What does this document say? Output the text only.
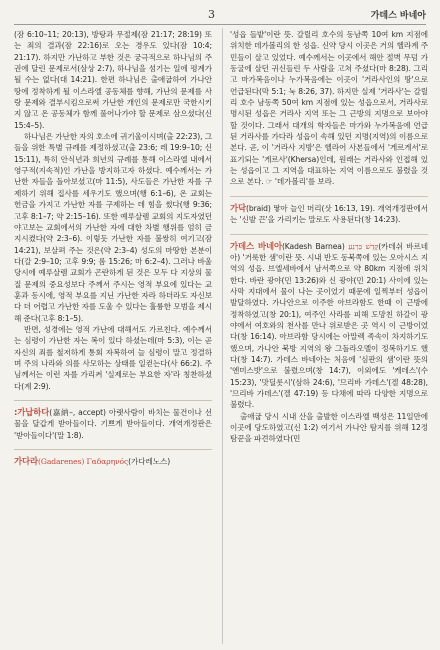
3	가데스 바네아

(잠 6:10–11; 20:13), 방탕과 무절제(잠 21:17; 28:19) 또는 죄의 결과(잠 22:16)로 오는 경우도 있다(잠 10:4; 21:17). 하지만 가난하고 부한 것은 궁극적으로 하나님의 주권에 달린 문제로서(삼상 2:7), 하나님을 섬기는 일에 평계가 될 수는 없다(대 14:21). 한편 하나님은 출애굽하여 가나안 땅에 정착하게 될 이스라엘 공동체를 향해, 가난의 문제를 사랑 문제와 결부시킴으로써 가난한 개인의 문제로만 국한시키지 않고 온 공동체가 함께 풀어나가야 할 문제로 삼으셨다(신 15:4–5).

하나님은 가난한 자의 호소에 귀기울이시며(출 22:23), 그들을 위한 특별 규례를 제정하셨고(출 23:6; 레 19:9–10; 신 15:11), 특히 안식년과 희년의 규례를 통해 이스라엘 내에서 영구적(지속적)인 가난을 방지하고자 하셨다. 예수께서는 가난한 자들을 돌아보셨고(마 11:5), 사도들은 가난한 자를 구제하기 위해 집사를 세우기도 했으며(행 6:1–6), 온 교회는 헌금을 가지고 가난한 자를 구제하는 데 힘을 썼다(행 9:36; 고후 8:1–7; 약 2:15–16). 또한 예루살렘 교회의 지도자였던 야고보는 교회에서의 가난한 자에 대한 차별 행위를 엄히 금지시켰다(약 2:3–6). 이렇듯 가난한 자를 불쌍히 여기고(잠 14:21), 보살펴 주는 것은(약 2:3–4) 성도의 마땅한 본분이다(갈 2:9–10; 고후 9:9; 롬 15:26; 마 6:2–4). 그러나 바울 당시에 예루살렘 교회가 곤란하게 된 것은 모두 다 지상의 물질 문제의 중요성보다 주께서 주시는 영적 부요에 있다는 교훈과 동시에, 영적 부요를 지닌 가난한 자라 하더라도 자신보다 더 어렵고 가난한 자를 도울 수 있다는 훌륭한 모범을 제시해 준다(고후 8:1–5).

반면, 성경에는 영적 가난에 대해서도 가르친다. 예수께서는 심령이 가난한 자는 복이 있다 하셨는데(마 5:3), 이는 곧 자신의 죄를 철저하게 통회 자복하여 늘 심령이 말고 정결하며 주의 나라와 의를 사모하는 상태를 일컫는다(사 66:2). 주님께서는 이런 자를 가리켜 '실제로는 부요한 자'라 칭찬하셨다(계 2:9).

:가납하다(嘉納–, accept) 아랫사람이 바치는 물건이나 선물을 달갑게 받아들이다. 기쁘게 받아들이다. 개역개정판은 '받아들이다'(말 1:8).

가다라(Gadarenes) Γαδαρηνός(가다레노스)

'성읍 들밭'이란 뜻. 갈릴리 호수의 동남쪽 10여 km 지점에 위치한 데가볼리의 한 성읍. 신약 당시 이곳은 거의 헬라계 주민들이 살고 있었다. 예수께서는 이곳에서 해안 절벽 무덤 가 동굴에 살던 귀신들린 두 사람을 고쳐 주셨다(마 8:28). 그리고 마가복음이나 누가복음에는 이곳이 '거라사인의 땅'으로 언급된다(막 5:1; 눅 8:26, 37). 하지만 실제 '거라사'는 갈릴리 호수 남동쪽 50여 km 지점에 있는 성읍으로서, 거라사로 명시된 성읍은 거라사 지역 또는 그 근방의 지명으로 보아야 할 것이다. 그래서 대개의 학자들은 마가와 누가복음에 언급된 거라사를 가다라 성읍이 속해 있던 지명(지역)의 이름으로 본다. 곧, 이 '거라사 지방'은 헬라어 사본들에서 '게르게서'로 표기되는 '게르사'(Khersa)인데, 원래는 거라사와 인접해 있는 성읍이고 그 지역을 대표하는 지역 이름으로도 불렸을 것으로 본다. ☞ '데가볼리'를 보라.

가닥(braid) 땋아 늘인 머리(삿 16:13, 19). 개역개정판에서는 '신발 끈'을 가리키는 말로도 사용된다(창 14:23).

가데스 바네아(Kadesh Barnea) קָדֵשׁ בַּרְנֵעַ(카데쉬 바르네아) '거룩한 샘'이란 뜻. 시내 반도 동북쪽에 있는 오아시스 지역의 성읍. 브엘세바에서 남서쪽으로 약 80km 지점에 위치한다. 바란 광야(민 13:26)와 신 광야(민 20:1) 사이에 있는 사막 지대에서 물이 나는 곳이었기 때문에 일찍부터 성읍이 발달하였다. 가나안으로 이주한 아브라함도 한때 이 근방에 정착하였고(창 20:1), 여주인 사라를 피해 도망친 하갈이 광야에서 여호와의 천사를 만나 위로받은 곳 역시 이 근방이었다(창 16:14). 아브라함 당시에는 아말렉 족속이 차지하기도 했으며, 가나안 북방 지역의 왕 그돌라오멜이 정복하기도 했다(창 14:7). 가데스 바네아는 처음에 '심판의 샘'이란 뜻의 '엔미스밧'으로 불렸으며(창 14:7), 이외에도 '케데스'(수 15:23), '맛딜롯시'(삼하 24:6), '므리바 가데스'(겔 48:28), '므리바 가데스'(겔 47:19) 등 다채에 따라 다양한 지명으로 불렸다.

출애굽 당시 시내 산을 출발한 이스라엘 백성은 11일만에 이곳에 당도하였고(신 1:2) 여기서 가나안 탐지를 위해 12정탐꾼을 파견하였다(민
